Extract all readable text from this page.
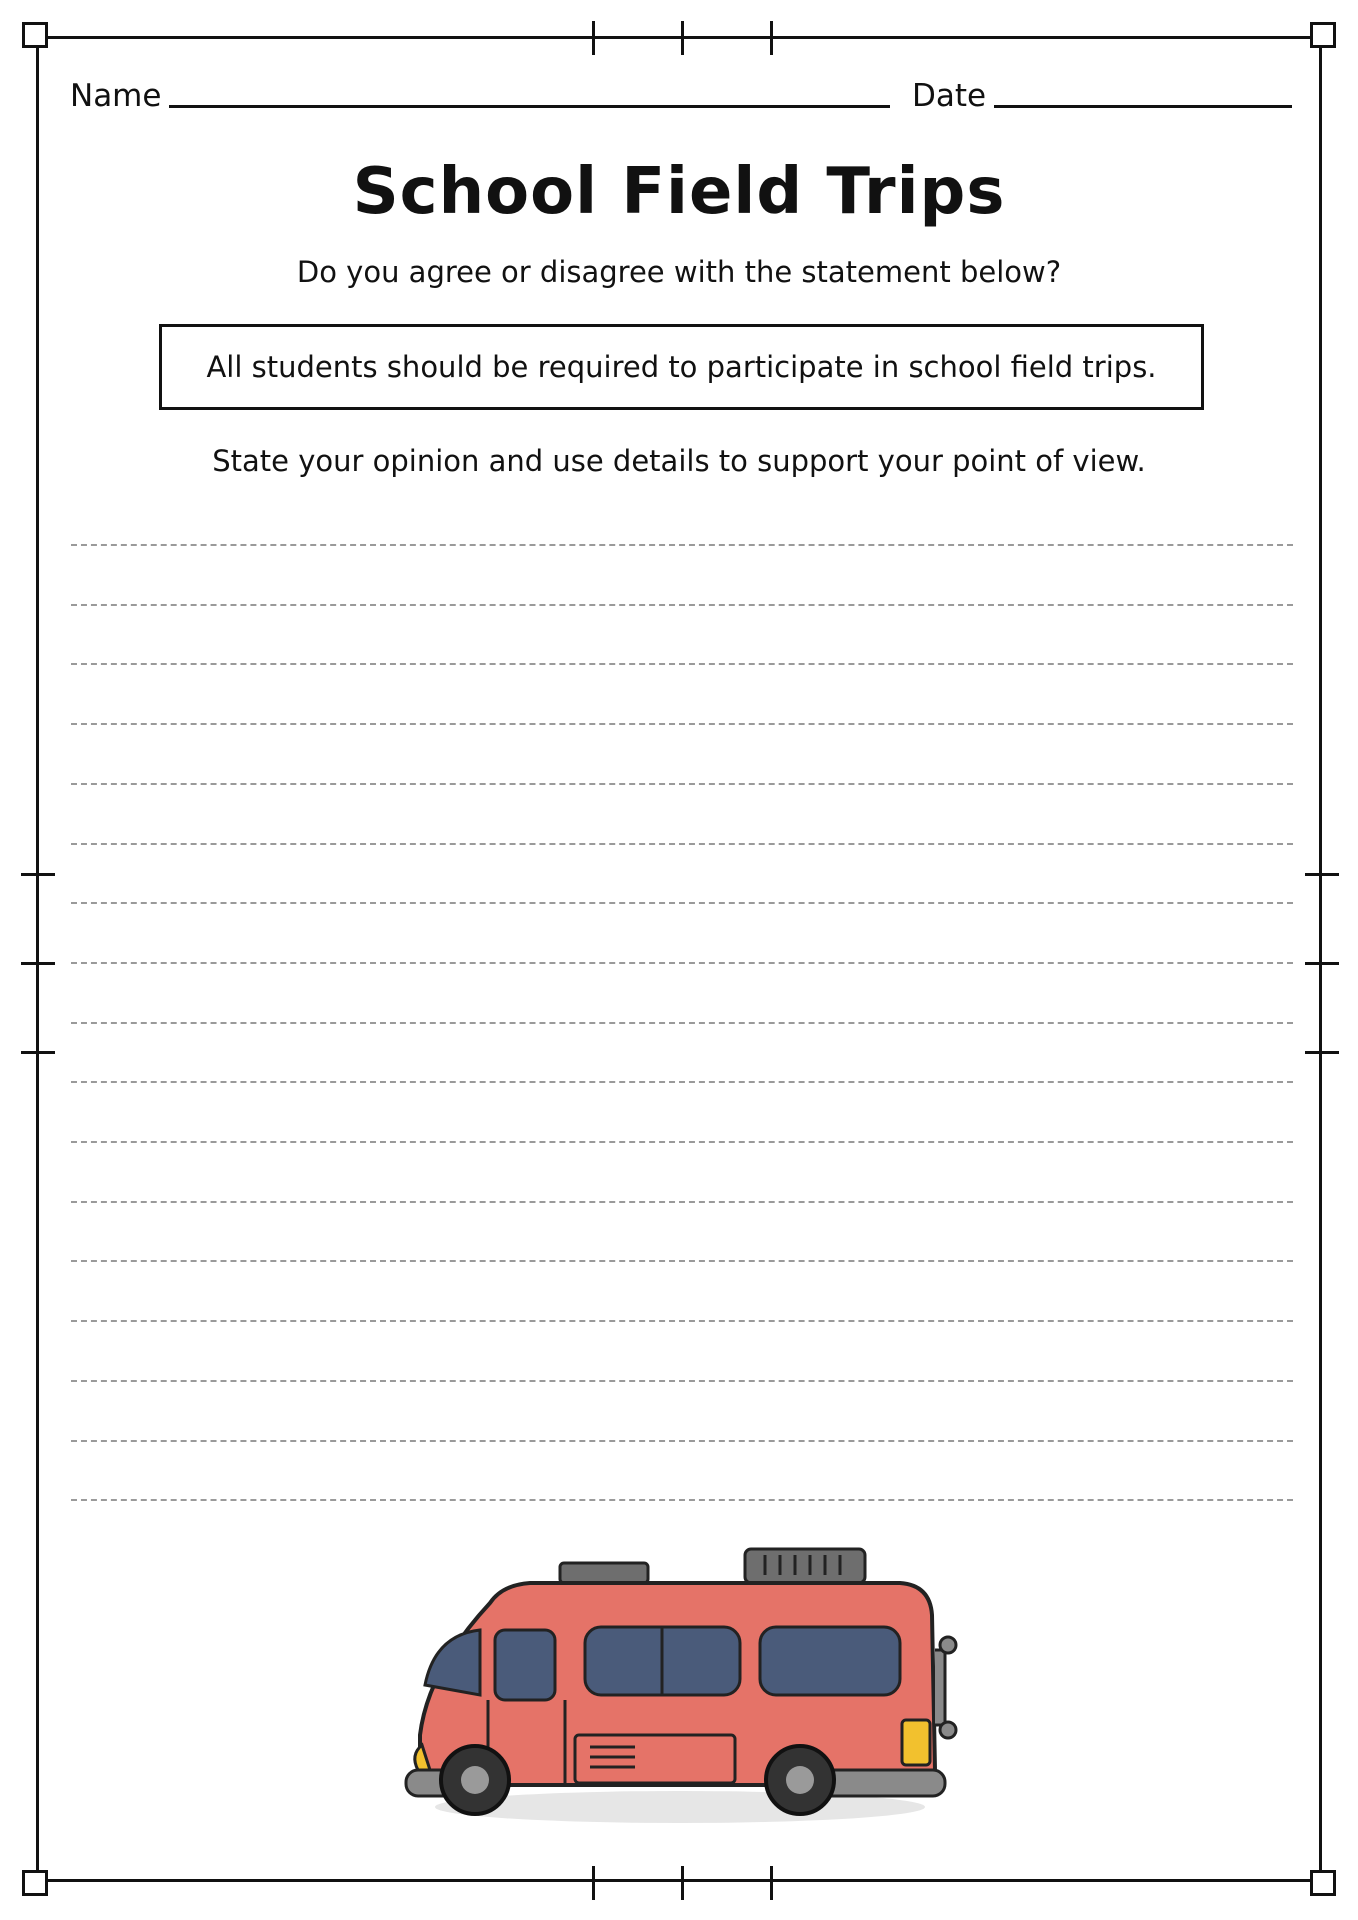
Name	Date
School Field Trips
Do you agree or disagree with the statement below?
All students should be required to participate in school field trips.
State your opinion and use details to support your point of view.
